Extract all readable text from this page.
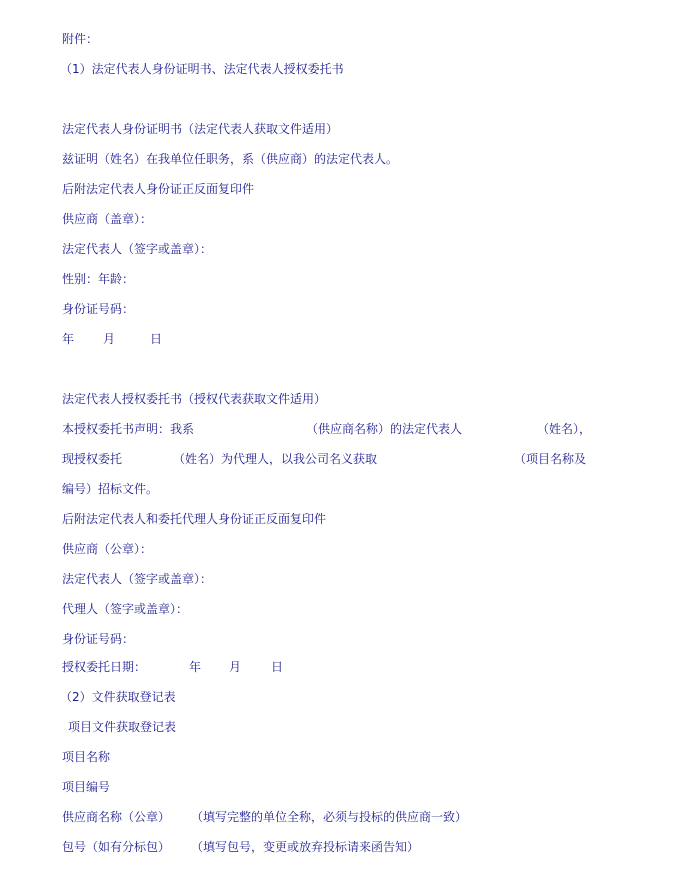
附件：
（1）法定代表人身份证明书、法定代表人授权委托书
法定代表人身份证明书（法定代表人获取文件适用）
兹证明（姓名）在我单位任职务，系（供应商）的法定代表人。
后附法定代表人身份证正反面复印件
供应商（盖章）：
法定代表人（签字或盖章）：
性别：年龄：
身份证号码：
年 月	日
法定代表人授权委托书（授权代表获取文件适用）
本授权委托书声明：我系	（供应商名称）的法定代表人	（姓名），
现授权委托	（姓名）为代理人，以我公司名义获取	（项目名称及
编号）招标文件。
后附法定代表人和委托代理人身份证正反面复印件
供应商（公章）：
法定代表人（签字或盖章）：
代理人（签字或盖章）：
身份证号码：
授权委托日期：	年 月 日
（2）文件获取登记表
项目文件获取登记表
项目名称
项目编号
供应商名称（公章） （填写完整的单位全称，必须与投标的供应商一致）
包号（如有分标包） （填写包号，变更或放弃投标请来函告知）
